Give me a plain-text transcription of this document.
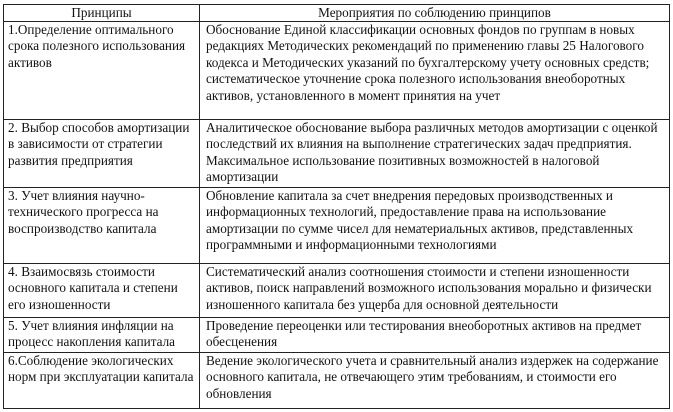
Принципы	Мероприятия по соблюдению принципов
1.Определение оптимального срока полезного использования активов	Обоснование Единой классификации основных фондов по группам в новых редакциях Методических рекомендаций по применению главы 25 Налогового кодекса и Методических указаний по бухгалтерскому учету основных средств; систематическое уточнение срока полезного использования внеоборотных активов, установленного в момент принятия на учет
2. Выбор способов амортизации в зависимости от стратегии развития предприятия	Аналитическое обоснование выбора различных методов амортизации с оценкой последствий их влияния на выполнение стратегических задач предприятия. Максимальное использование позитивных возможностей в налоговой амортизации
3. Учет влияния научно-технического прогресса на воспроизводство капитала	Обновление капитала за счет внедрения передовых производственных и информационных технологий, предоставление права на использование амортизации по сумме чисел для нематериальных активов, представленных программными и информационными технологиями
4. Взаимосвязь стоимости основного капитала и степени его изношенности	Систематический анализ соотношения стоимости и степени изношенности активов, поиск направлений возможного использования морально и физически изношенного капитала без ущерба для основной деятельности
5. Учет влияния инфляции на процесс накопления капитала	Проведение переоценки или тестирования внеоборотных активов на предмет обесценения
6.Соблюдение экологических норм при эксплуатации капитала	Ведение экологического учета и сравнительный анализ издержек на содержание основного капитала, не отвечающего этим требованиям, и стоимости его обновления
